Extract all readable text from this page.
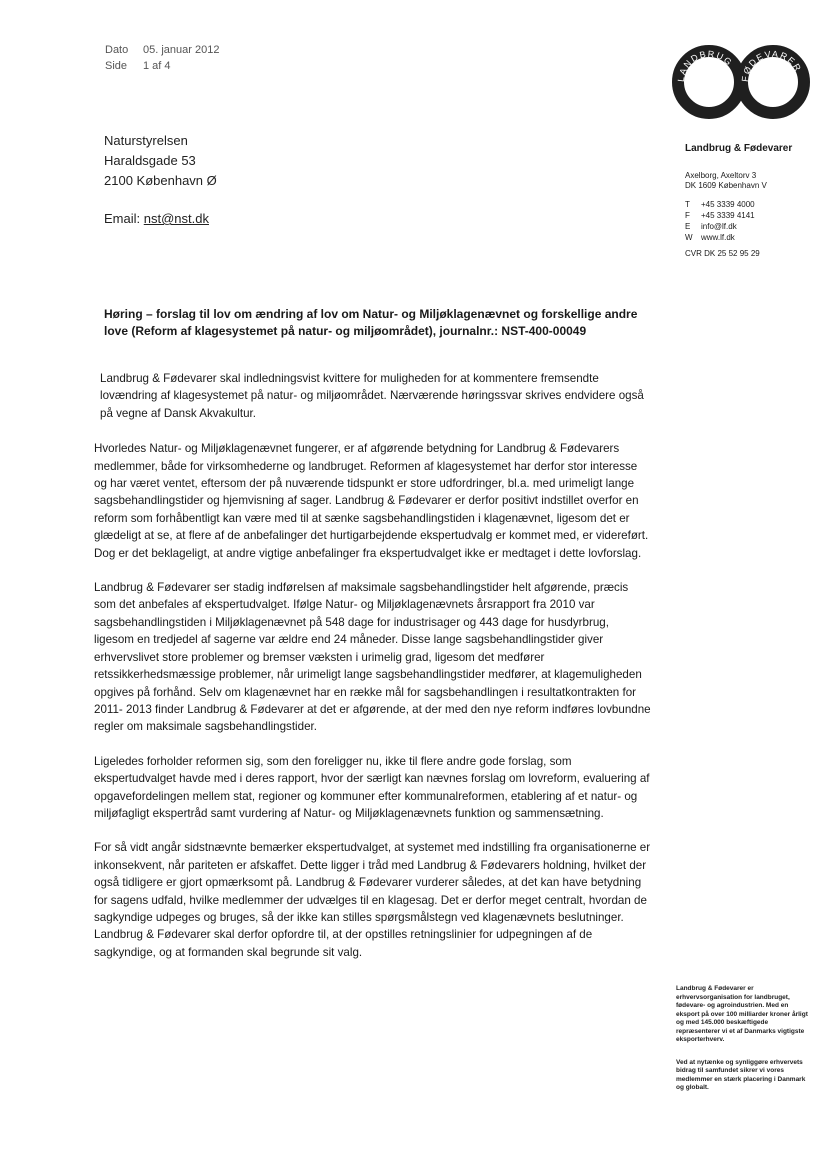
Dato	05. januar 2012
Side	1 af 4
Naturstyrelsen
Haraldsgade 53
2100 København Ø
Email: nst@nst.dk
LANDBRUG
FØDEVARER
Landbrug & Fødevarer
Axelborg, Axeltorv 3
DK 1609 København V
T	+45 3339 4000
F	+45 3339 4141
E	info@lf.dk
W	www.lf.dk
CVR DK 25 52 95 29
Høring – forslag til lov om ændring af lov om Natur- og Miljøklagenævnet og forskellige andre love (Reform af klagesystemet på natur- og miljøområdet), journalnr.: NST-400-00049

Landbrug & Fødevarer skal indledningsvist kvittere for muligheden for at kommentere fremsendte lovændring af klagesystemet på natur- og miljøområdet. Nærværende høringssvar skrives endvidere også på vegne af Dansk Akvakultur.

Hvorledes Natur- og Miljøklagenævnet fungerer, er af afgørende betydning for Landbrug & Fødevarers medlemmer, både for virksomhederne og landbruget. Reformen af klagesystemet har derfor stor interesse og har været ventet, eftersom der på nuværende tidspunkt er store udfordringer, bl.a. med urimeligt lange sagsbehandlingstider og hjemvisning af sager. Landbrug & Fødevarer er derfor positivt indstillet overfor en reform som forhåbentligt kan være med til at sænke sagsbehandlingstiden i klagenævnet, ligesom det er glædeligt at se, at flere af de anbefalinger det hurtigarbejdende ekspertudvalg er kommet med, er videreført. Dog er det beklageligt, at andre vigtige anbefalinger fra ekspertudvalget ikke er medtaget i dette lovforslag.

Landbrug & Fødevarer ser stadig indførelsen af maksimale sagsbehandlingstider helt afgørende, præcis som det anbefales af ekspertudvalget. Ifølge Natur- og Miljøklagenævnets årsrapport fra 2010 var sagsbehandlingstiden i Miljøklagenævnet på 548 dage for industrisager og 443 dage for husdyrbrug, ligesom en tredjedel af sagerne var ældre end 24 måneder. Disse lange sagsbehandlingstider giver erhvervslivet store problemer og bremser væksten i urimelig grad, ligesom det medfører retssikkerhedsmæssige problemer, når urimeligt lange sagsbehandlingstider medfører, at klagemuligheden opgives på forhånd. Selv om klagenævnet har en række mål for sagsbehandlingen i resultatkontrakten for 2011- 2013 finder Landbrug & Fødevarer at det er afgørende, at der med den nye reform indføres lovbundne regler om maksimale sagsbehandlingstider.

Ligeledes forholder reformen sig, som den foreligger nu, ikke til flere andre gode forslag, som ekspertudvalget havde med i deres rapport, hvor der særligt kan nævnes forslag om lovreform, evaluering af opgavefordelingen mellem stat, regioner og kommuner efter kommunalreformen, etablering af et natur- og miljøfagligt ekspertråd samt vurdering af Natur- og Miljøklagenævnets funktion og sammensætning.

For så vidt angår sidstnævnte bemærker ekspertudvalget, at systemet med indstilling fra organisationerne er inkonsekvent, når pariteten er afskaffet. Dette ligger i tråd med Landbrug & Fødevarers holdning, hvilket der også tidligere er gjort opmærksomt på. Landbrug & Fødevarer vurderer således, at det kan have betydning for sagens udfald, hvilke medlemmer der udvælges til en klagesag. Det er derfor meget centralt, hvordan de sagkyndige udpeges og bruges, så der ikke kan stilles spørgsmålstegn ved klagenævnets beslutninger. Landbrug & Fødevarer skal derfor opfordre til, at der opstilles retningslinier for udpegningen af de sagkyndige, og at formanden skal begrunde sit valg.

Landbrug & Fødevarer er erhvervsorganisation for landbruget, fødevare- og agroindustrien. Med en eksport på over 100 milliarder kroner årligt og med 145.000 beskæftigede repræsenterer vi et af Danmarks vigtigste eksporterhverv.

Ved at nytænke og synliggøre erhvervets bidrag til samfundet sikrer vi vores medlemmer en stærk placering i Danmark og globalt.
